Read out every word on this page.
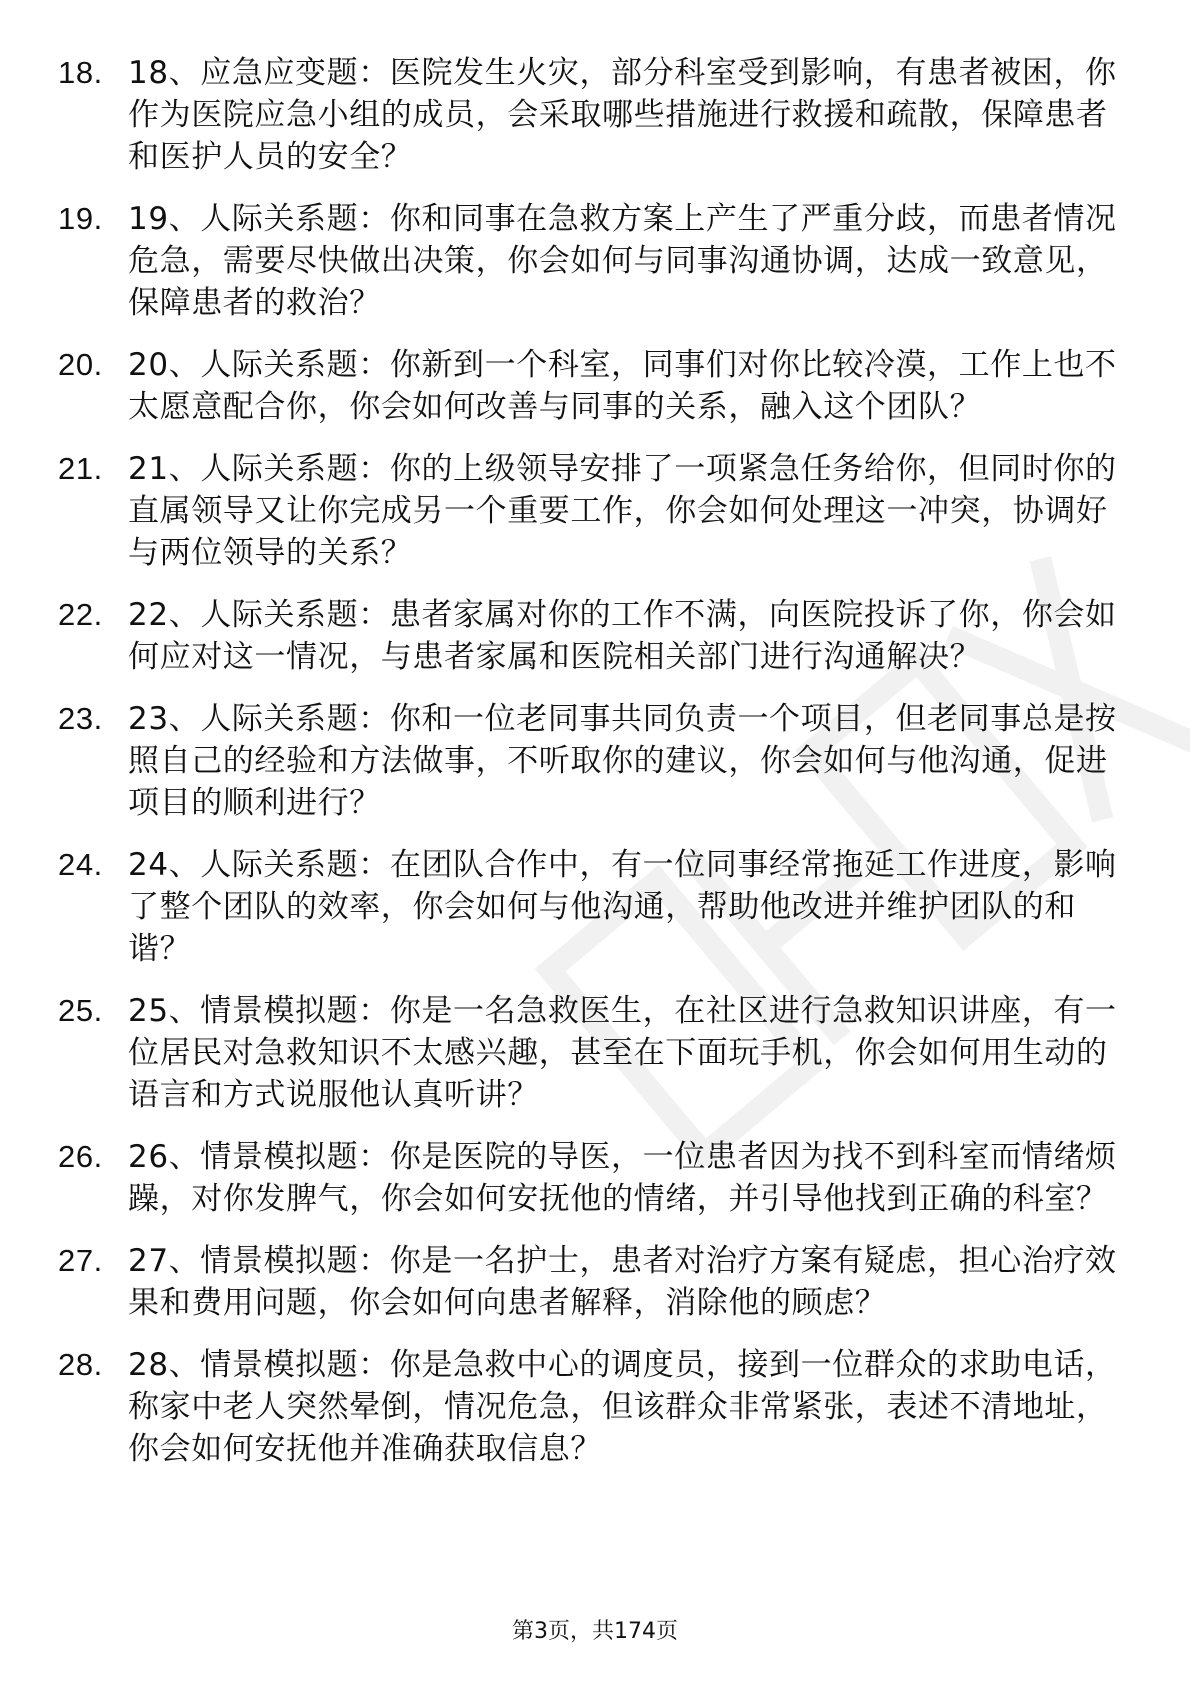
18. 18、应急应变题：医院发生火灾，部分科室受到影响，有患者被困，你作为医院应急小组的成员，会采取哪些措施进行救援和疏散，保障患者和医护人员的安全？
19. 19、人际关系题：你和同事在急救方案上产生了严重分歧，而患者情况危急，需要尽快做出决策，你会如何与同事沟通协调，达成一致意见，保障患者的救治？
20. 20、人际关系题：你新到一个科室，同事们对你比较冷漠，工作上也不太愿意配合你，你会如何改善与同事的关系，融入这个团队？
21. 21、人际关系题：你的上级领导安排了一项紧急任务给你，但同时你的直属领导又让你完成另一个重要工作，你会如何处理这一冲突，协调好与两位领导的关系？
22. 22、人际关系题：患者家属对你的工作不满，向医院投诉了你，你会如何应对这一情况，与患者家属和医院相关部门进行沟通解决？
23. 23、人际关系题：你和一位老同事共同负责一个项目，但老同事总是按照自己的经验和方法做事，不听取你的建议，你会如何与他沟通，促进项目的顺利进行？
24. 24、人际关系题：在团队合作中，有一位同事经常拖延工作进度，影响了整个团队的效率，你会如何与他沟通，帮助他改进并维护团队的和谐？
25. 25、情景模拟题：你是一名急救医生，在社区进行急救知识讲座，有一位居民对急救知识不太感兴趣，甚至在下面玩手机，你会如何用生动的语言和方式说服他认真听讲？
26. 26、情景模拟题：你是医院的导医，一位患者因为找不到科室而情绪烦躁，对你发脾气，你会如何安抚他的情绪，并引导他找到正确的科室？
27. 27、情景模拟题：你是一名护士，患者对治疗方案有疑虑，担心治疗效果和费用问题，你会如何向患者解释，消除他的顾虑？
28. 28、情景模拟题：你是急救中心的调度员，接到一位群众的求助电话，称家中老人突然晕倒，情况危急，但该群众非常紧张，表述不清地址，你会如何安抚他并准确获取信息？
第3页，共174页
